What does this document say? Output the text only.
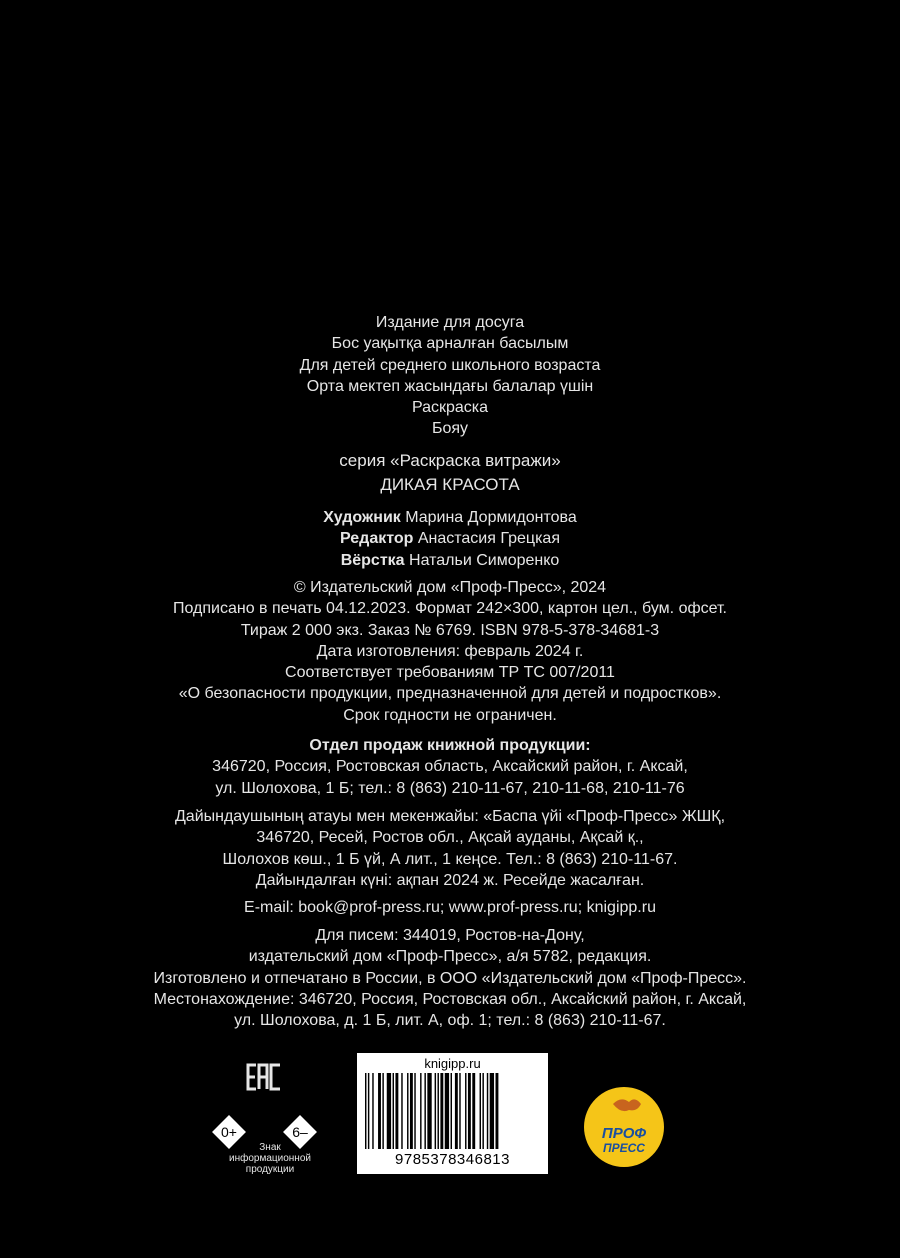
Издание для досуга
Бос уақытқа арналған басылым
Для детей среднего школьного возраста
Орта мектеп жасындағы балалар үшін
Раскраска
Бояу
серия «Раскраска витражи»
ДИКАЯ КРАСОТА
Художник Марина Дормидонтова
Редактор Анастасия Грецкая
Вёрстка Натальи Симоренко
© Издательский дом «Проф-Пресс», 2024
Подписано в печать 04.12.2023. Формат 242×300, картон цел., бум. офсет.
Тираж 2 000 экз. Заказ № 6769. ISBN 978-5-378-34681-3
Дата изготовления: февраль 2024 г.
Соответствует требованиям ТР ТС 007/2011
«О безопасности продукции, предназначенной для детей и подростков».
Срок годности не ограничен.
Отдел продаж книжной продукции:
346720, Россия, Ростовская область, Аксайский район, г. Аксай,
ул. Шолохова, 1 Б; тел.: 8 (863) 210-11-67, 210-11-68, 210-11-76
Дайындаушының атауы мен мекенжайы: «Баспа үйі «Проф-Пресс» ЖШҚ,
346720, Ресей, Ростов обл., Ақсай ауданы, Ақсай қ.,
Шолохов көш., 1 Б үй, А лит., 1 кеңсе. Тел.: 8 (863) 210-11-67.
Дайындалған күні: ақпан 2024 ж. Ресейде жасалған.
E-mail: book@prof-press.ru; www.prof-press.ru; knigipp.ru
Для писем: 344019, Ростов-на-Дону,
издательский дом «Проф-Пресс», а/я 5782, редакция.
Изготовлено и отпечатано в России, в ООО «Издательский дом «Проф-Пресс».
Местонахождение: 346720, Россия, Ростовская обл., Аксайский район, г. Аксай,
ул. Шолохова, д. 1 Б, лит. А, оф. 1; тел.: 8 (863) 210-11-67.
0+	6–
Знак
информационной
продукции
knigipp.ru
9785378346813
ПРОФ
ПРЕСС
